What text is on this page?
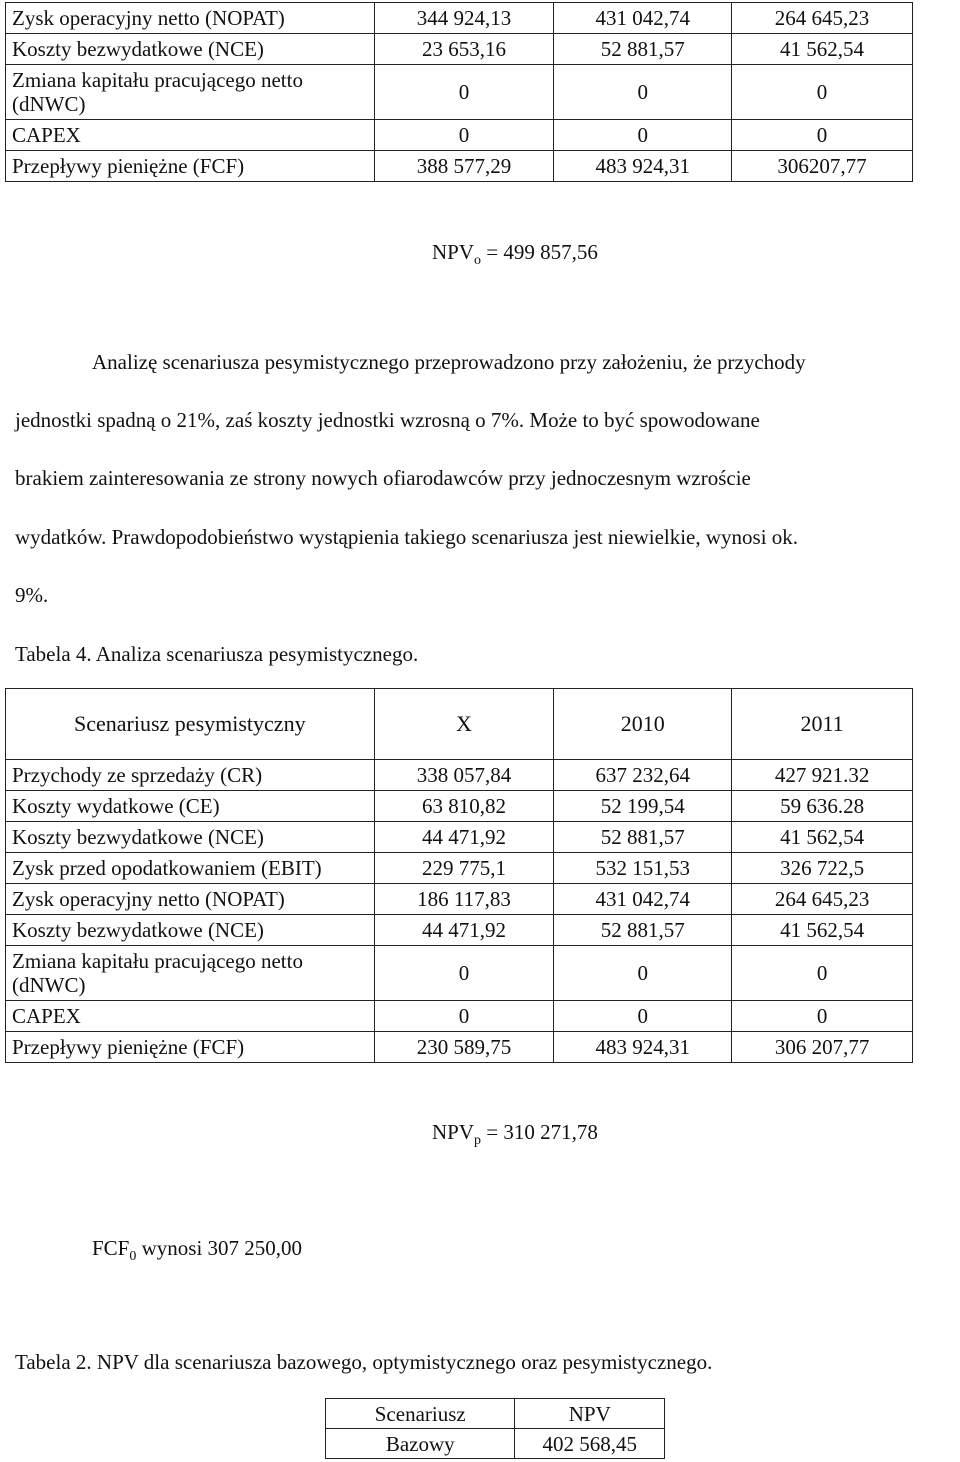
Zysk operacyjny netto (NOPAT)	344 924,13	431 042,74	264 645,23
Koszty bezwydatkowe (NCE)	23 653,16	52 881,57	41 562,54
Zmiana kapitału pracującego netto (dNWC)	0	0	0
CAPEX	0	0	0
Przepływy pieniężne (FCF)	388 577,29	483 924,31	306207,77
$NPV_o = 499$ 857,56
Analizę scenariusza pesymistycznego przeprowadzono przy założeniu, że przychody
jednostki spadną o 21%, zaś koszty jednostki wzrosną o 7%. Może to być spowodowane
brakiem zainteresowania ze strony nowych ofiarodawców przy jednoczesnym wzroście
wydatków. Prawdopodobieństwo wystąpienia takiego scenariusza jest niewielkie, wynosi ok.
9%.
Tabela 4. Analiza scenariusza pesymistycznego.
Scenariusz pesymistyczny	X	2010	2011
Przychody ze sprzedaży (CR)	338 057,84	637 232,64	427 921.32
Koszty wydatkowe (CE)	63 810,82	52 199,54	59 636.28
Koszty bezwydatkowe (NCE)	44 471,92	52 881,57	41 562,54
Zysk przed opodatkowaniem (EBIT)	229 775,1	532 151,53	326 722,5
Zysk operacyjny netto (NOPAT)	186 117,83	431 042,74	264 645,23
Koszty bezwydatkowe (NCE)	44 471,92	52 881,57	41 562,54
Zmiana kapitału pracującego netto (dNWC)	0	0	0
CAPEX	0	0	0
Przepływy pieniężne (FCF)	230 589,75	483 924,31	306 207,77
$NPV_p = 310$ 271,78
$FCF_0$ wynosi 307 250,00
Tabela 2. NPV dla scenariusza bazowego, optymistycznego oraz pesymistycznego.
Scenariusz	NPV
Bazowy	402 568,45
